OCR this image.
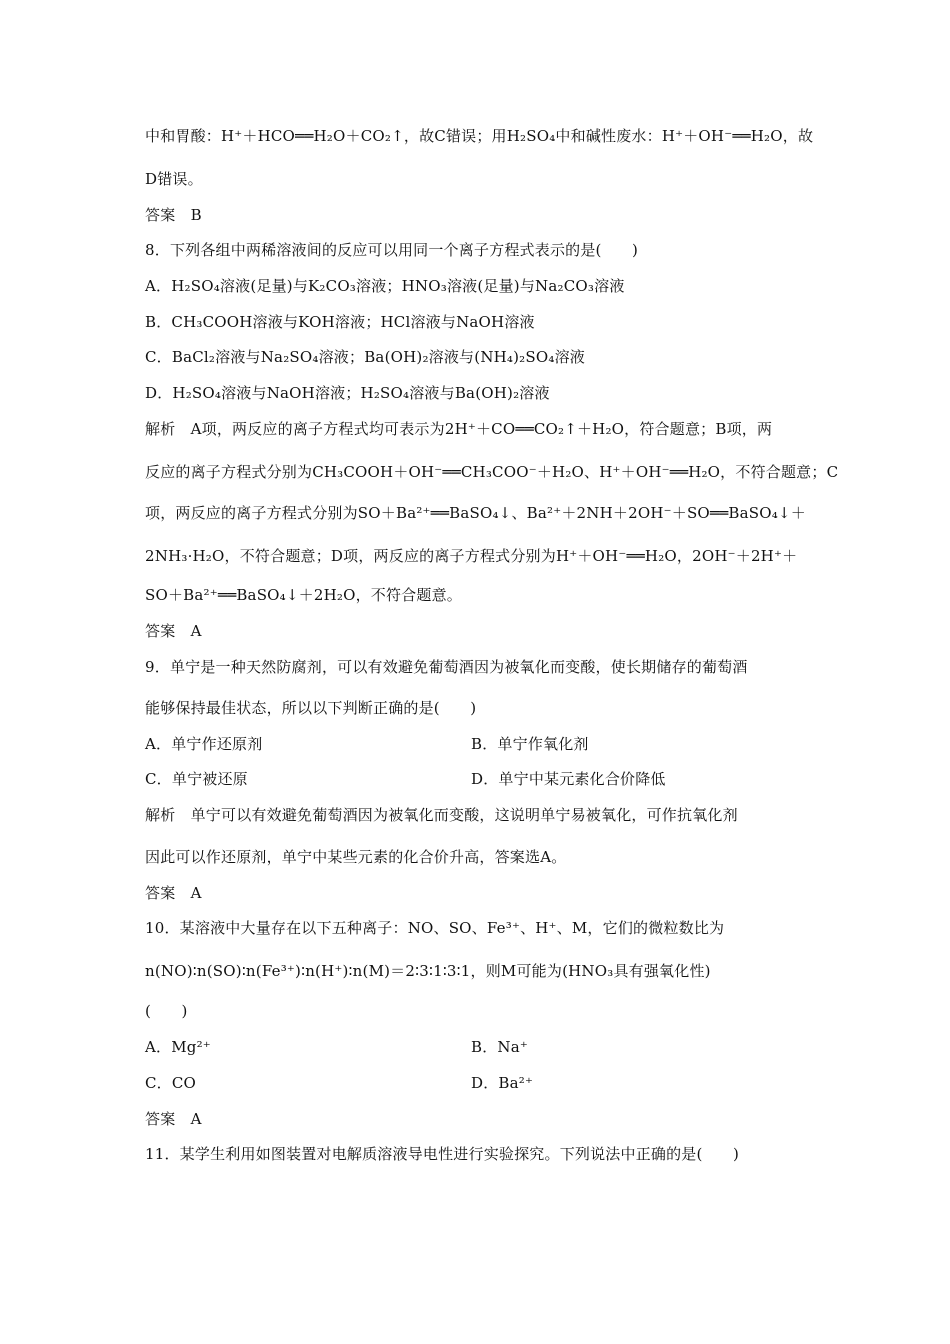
中和胃酸：H⁺＋HCO══H₂O＋CO₂↑，故C错误；用H₂SO₄中和碱性废水：H⁺＋OH⁻══H₂O，故
D错误。
答案　B
8．下列各组中两稀溶液间的反应可以用同一个离子方程式表示的是(　　)
A．H₂SO₄溶液(足量)与K₂CO₃溶液；HNO₃溶液(足量)与Na₂CO₃溶液
B．CH₃COOH溶液与KOH溶液；HCl溶液与NaOH溶液
C．BaCl₂溶液与Na₂SO₄溶液；Ba(OH)₂溶液与(NH₄)₂SO₄溶液
D．H₂SO₄溶液与NaOH溶液；H₂SO₄溶液与Ba(OH)₂溶液
解析　A项，两反应的离子方程式均可表示为2H⁺＋CO══CO₂↑＋H₂O，符合题意；B项，两
反应的离子方程式分别为CH₃COOH＋OH⁻══CH₃COO⁻＋H₂O、H⁺＋OH⁻══H₂O，不符合题意；C
项，两反应的离子方程式分别为SO＋Ba²⁺══BaSO₄↓、Ba²⁺＋2NH＋2OH⁻＋SO══BaSO₄↓＋
2NH₃·H₂O，不符合题意；D项，两反应的离子方程式分别为H⁺＋OH⁻══H₂O，2OH⁻＋2H⁺＋
SO＋Ba²⁺══BaSO₄↓＋2H₂O，不符合题意。
答案　A
9．单宁是一种天然防腐剂，可以有效避免葡萄酒因为被氧化而变酸，使长期储存的葡萄酒
能够保持最佳状态，所以以下判断正确的是(　　)
A．单宁作还原剂	B．单宁作氧化剂
C．单宁被还原	D．单宁中某元素化合价降低
解析　单宁可以有效避免葡萄酒因为被氧化而变酸，这说明单宁易被氧化，可作抗氧化剂
因此可以作还原剂，单宁中某些元素的化合价升高，答案选A。
答案　A
10．某溶液中大量存在以下五种离子：NO、SO、Fe³⁺、H⁺、M，它们的微粒数比为
n(NO)∶n(SO)∶n(Fe³⁺)∶n(H⁺)∶n(M)＝2∶3∶1∶3∶1，则M可能为(HNO₃具有强氧化性)
(　　)
A．Mg²⁺	B．Na⁺
C．CO	D．Ba²⁺
答案　A
11．某学生利用如图装置对电解质溶液导电性进行实验探究。下列说法中正确的是(　　)
